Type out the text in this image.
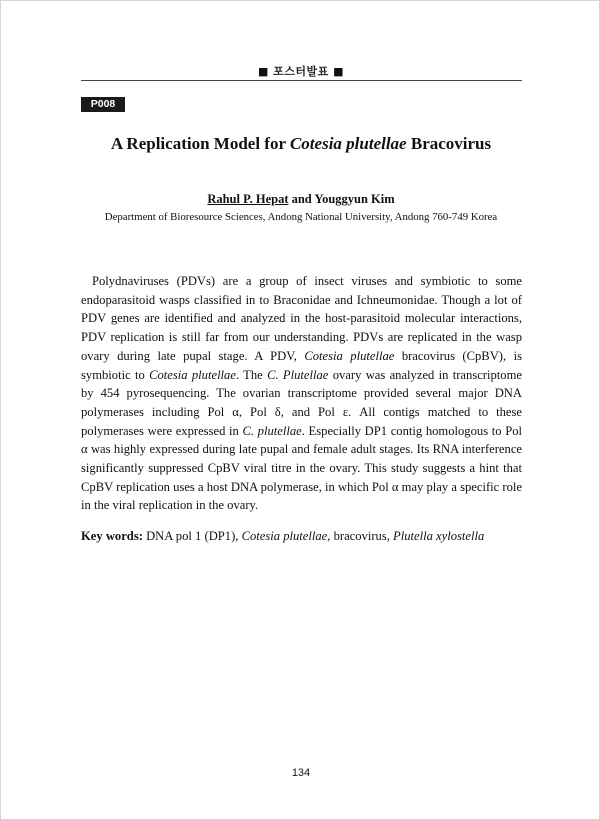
■ 포스터발표 ■
P008
A Replication Model for Cotesia plutellae Bracovirus
Rahul P. Hepat and Youggyun Kim
Department of Bioresource Sciences, Andong National University, Andong 760-749 Korea

Polydnaviruses (PDVs) are a group of insect viruses and symbiotic to some endoparasitoid wasps classified in to Braconidae and Ichneumonidae. Though a lot of PDV genes are identified and analyzed in the host-parasitoid molecular interactions, PDV replication is still far from our understanding. PDVs are replicated in the wasp ovary during late pupal stage. A PDV, Cotesia plutellae bracovirus (CpBV), is symbiotic to Cotesia plutellae. The C. Plutellae ovary was analyzed in transcriptome by 454 pyrosequencing. The ovarian transcriptome provided several major DNA polymerases including Pol α, Pol δ, and Pol ε. All contigs matched to these polymerases were expressed in C. plutellae. Especially DP1 contig homologous to Pol α was highly expressed during late pupal and female adult stages. Its RNA interference significantly suppressed CpBV viral titre in the ovary. This study suggests a hint that CpBV replication uses a host DNA polymerase, in which Pol α may play a specific role in the viral replication in the ovary.

Key words: DNA pol 1 (DP1), Cotesia plutellae, bracovirus, Plutella xylostella

134
